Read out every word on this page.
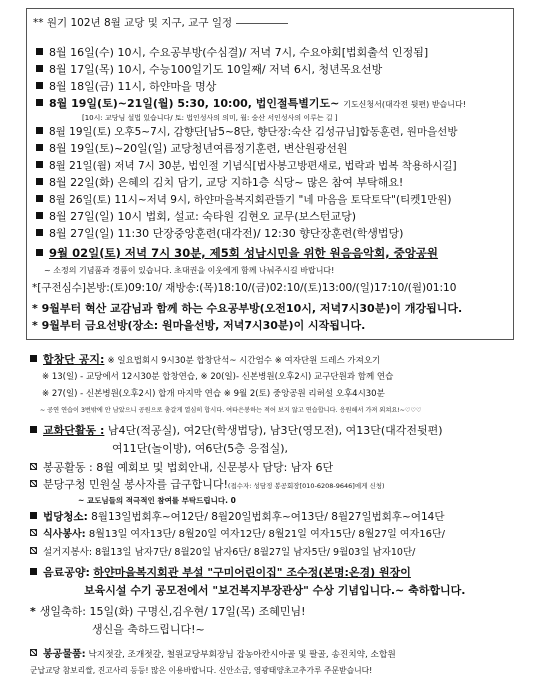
** 원기 102년 8월 교당 및 지구, 교구 일정
8월 16일(수) 10시, 수요공부방(수심결)/ 저녁 7시, 수요야회[법회출석 인정됨]
8월 17일(목) 10시, 수능100일기도 10일째/ 저녁 6시, 청년목요선방
8월 18일(금) 11시, 하얀마을 명상
8월 19일(토)~21일(월) 5:30, 10:00, 법인절특별기도~ 기도신청서(대각전 뒷편) 받습니다!
[10시: 교당님 설법 있습니다/ 토: 법인성사의 의미, 월: 숭산 서인성사의 이루는 길 ]
8월 19일(토) 오후5~7시, 감향단[남5~8단, 향단장:숙산 김성규님]합동훈련, 원마을선방
8월 19일(토)~20일(일) 교당청년여름정기훈련, 변산원광선원
8월 21일(월) 저녁 7시 30분, 법인절 기념식[법사봉고방편새로, 법락과 법복 착용하시길]
8월 22일(화) 은혜의 김치 담기, 교당 지하1층 식당~ 많은 참여 부탁해요!
8월 26일(토) 11시~저녁 9시, 하얀마을복지회관뜰기 "네 마음을 토닥토닥"(티켓1만원)
8월 27일(일) 10시 법회, 설교: 숙타원 김현오 교무(보스턴교당)
8월 27일(일) 11:30 단장중앙훈련(대각전)/ 12:30 향단장훈련(학생법당)
9월 02일(토) 저녁 7시 30분, 제5회 성남시민을 위한 원음음악회, 중앙공원
~ 소정의 기념품과 경품이 있습니다. 초대권을 이웃에게 함께 나눠주시길 바랍니다!
*[구전심수]본방:(토)09:10/ 재방송:(목)18:10/(금)02:10/(토)13:00/(일)17:10/(월)01:10
* 9월부터 혁산 교감님과 함께 하는 수요공부방(오전10시, 저녁7시30분)이 개강됩니다.
* 9월부터 금요선방(장소: 원마을선방, 저녁7시30분)이 시작됩니다.
합창단 공지: ※ 일요법회시 9시30분 합창단석~ 시간엄수 ※ 여자단원 드레스 가져오기
※ 13(일) - 교당에서 12시30분 합창연습, ※ 20(일)- 신본병원(오후2시) 교구단원과 함께 연습
※ 27(일) - 신본병원(오후2시) 합개 마지막 연습 ※ 9월 2(토) 중앙공원 리허설 오후4시30분
~ 공연 연습이 3번밖에 안 남았으니 공원으로 춤갈게 열심히 합시다. 여타은봉하는 적어 보지 않고 연습합니다. 응원해서 가져 외쳐요!~♡♡♡
교화단활동 : 남4단(적공실), 여2단(학생법당), 남3단(영모전), 여13단(대각전뒷편)
여11단(놀이방), 여6단(5층 응접실),
봉공활동 : 8월 예회보 및 법회안내, 신문봉사 담당: 남자 6단
분당구청 민원실 봉사자를 급구합니다!(접수자: 성담정 봉공회장[010-6208-9646]에게 신청)
~ 교도님들의 적극적인 참여를 부탁드립니다. 0
법당청소: 8월13일법회후~여12단/ 8월20일법회후~여13단/ 8월27일법회후~여14단
식사봉사: 8월13일 여자13단/ 8월20일 여자12단/ 8월21일 여자15단/ 8월27일 여자16단/
설거지봉사: 8월13일 남자7단/ 8월20일 남자6단/ 8월27일 남자5단/ 9월03일 남자10단/
음료공양: 하얀마을복지회관 부설 "구미어린이집" 조수정(본명:온경) 원장이
보육시설 수기 공모전에서 "보건복지부장관상" 수상 기념입니다.~ 축하합니다.
* 생일축하: 15일(화) 구명신,김우현/ 17일(목) 조혜민님!
생신을 축하드립니다!~
봉공물품: 낙지젓갈, 조개젓갈, 철원교당부회장님 잡농아칸시아골 및 팔골, 송진치약, 소합원
군납교당 참보리쌀, 진고사리 등등! 많은 이용바랍니다. 신안소금, 영광태양초고추가루 주문받습니다!
